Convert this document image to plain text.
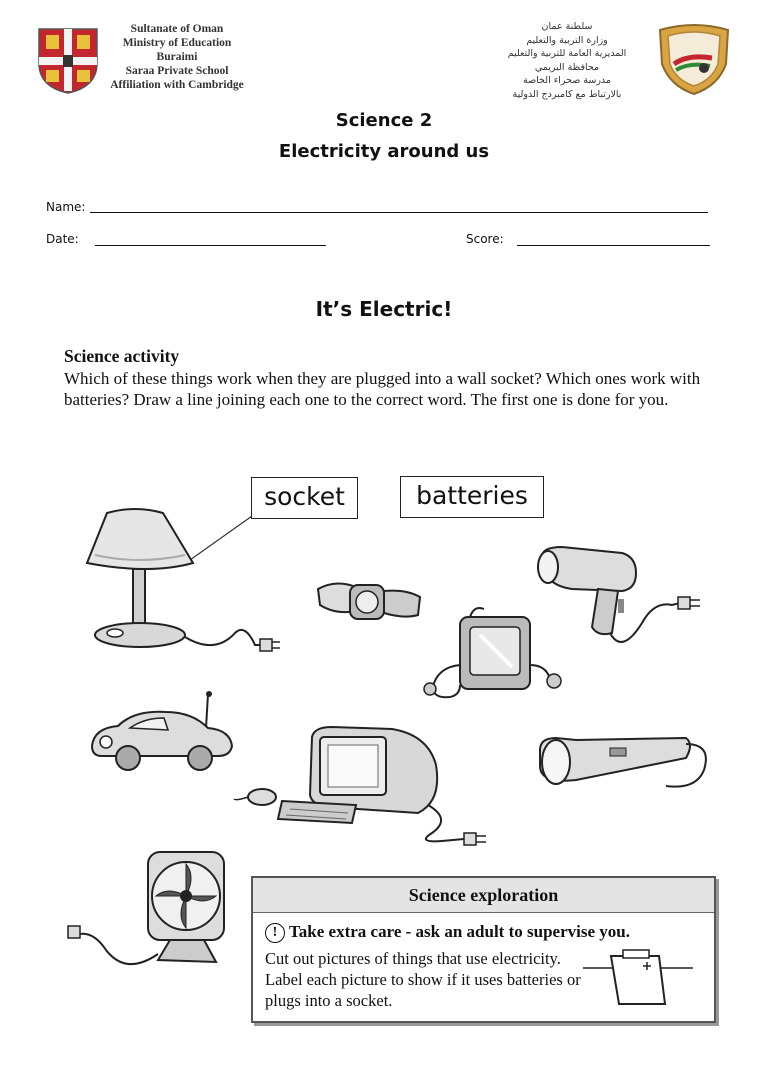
Sultanate of Oman
Ministry of Education
Buraimi
Saraa Private School
Affiliation with Cambridge
سلطنة عمان
وزارة التربية والتعليم
المديرية العامة للتربية والتعليم
محافظة البريمي
مدرسة صحراء الخاصة
بالارتباط مع كامبردج الدولية
Science 2
Electricity around us
Name:
Date:	Score:
It’s Electric!
Science activity
Which of these things work when they are plugged into a wall socket? Which ones work with batteries? Draw a line joining each one to the correct word. The first one is done for you.
socket	batteries
Science exploration
! Take extra care - ask an adult to supervise you.
Cut out pictures of things that use electricity. Label each picture to show if it uses batteries or plugs into a socket.
